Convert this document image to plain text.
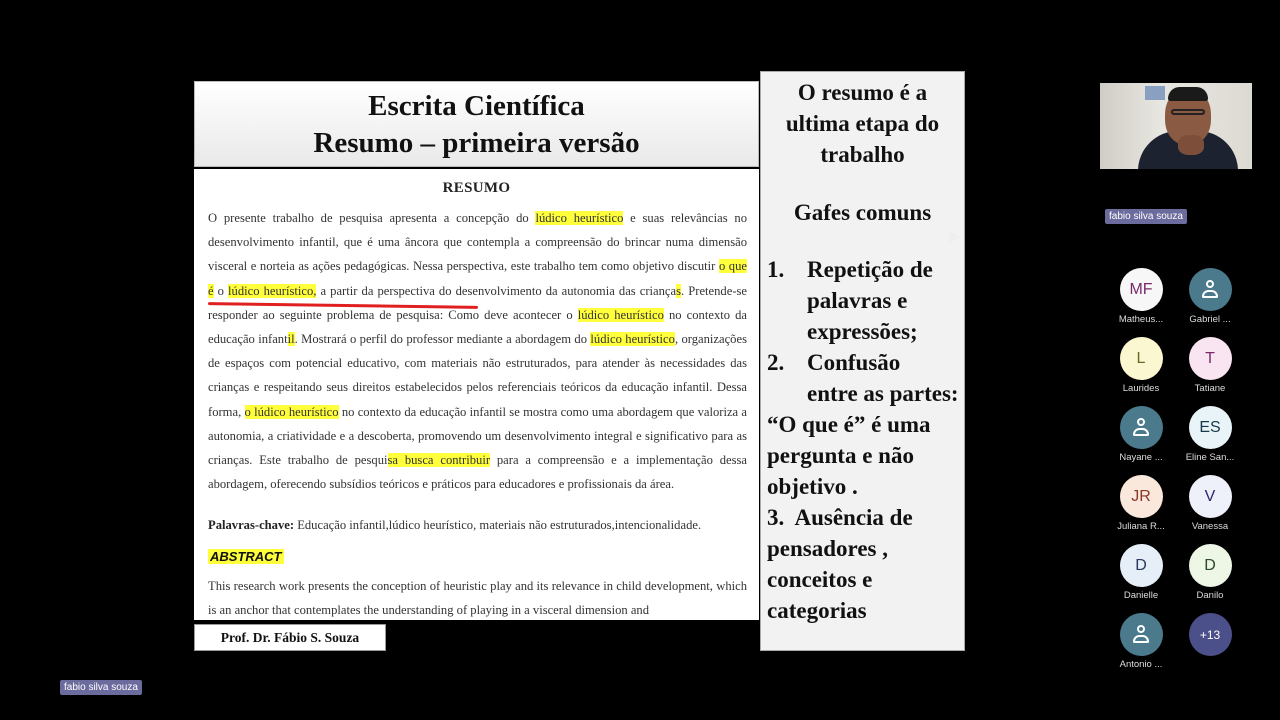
Escrita Científica
Resumo – primeira versão
RESUMO
O presente trabalho de pesquisa apresenta a concepção do lúdico heurístico e suas relevâncias no desenvolvimento infantil, que é uma âncora que contempla a compreensão do brincar numa dimensão visceral e norteia as ações pedagógicas. Nessa perspectiva, este trabalho tem como objetivo discutir o que é o lúdico heurístico, a partir da perspectiva do desenvolvimento da autonomia das crianças. Pretende-se responder ao seguinte problema de pesquisa: Como deve acontecer o lúdico heurístico no contexto da educação infantil. Mostrará o perfil do professor mediante a abordagem do lúdico heurístico, organizações de espaços com potencial educativo, com materiais não estruturados, para atender às necessidades das crianças e respeitando seus direitos estabelecidos pelos referenciais teóricos da educação infantil. Dessa forma, o lúdico heurístico no contexto da educação infantil se mostra como uma abordagem que valoriza a autonomia, a criatividade e a descoberta, promovendo um desenvolvimento integral e significativo para as crianças. Este trabalho de pesquisa busca contribuir para a compreensão e a implementação dessa abordagem, oferecendo subsídios teóricos e práticos para educadores e profissionais da área.
Palavras-chave: Educação infantil,lúdico heurístico, materiais não estruturados,intencionalidade.
ABSTRACT
This research work presents the conception of heuristic play and its relevance in child development, which is an anchor that contemplates the understanding of playing in a visceral dimension and
Prof. Dr. Fábio S. Souza
O resumo é a
ultima etapa do
trabalho
Gafes comuns
1. Repetição de
palavras e
expressões;
2. Confusão
entre as partes:
“O que é” é uma
pergunta e não
objetivo .
3. Ausência de
pensadores ,
conceitos e
categorias
fabio silva souza
MF
Matheus...	Gabriel ...
L
Laurides
T
Tatiane
Nayane ...
ES
Eline San...
JR
Juliana R...
V
Vanessa
D
Danielle
D
Danilo
Antonio ...
+13
fabio silva souza
